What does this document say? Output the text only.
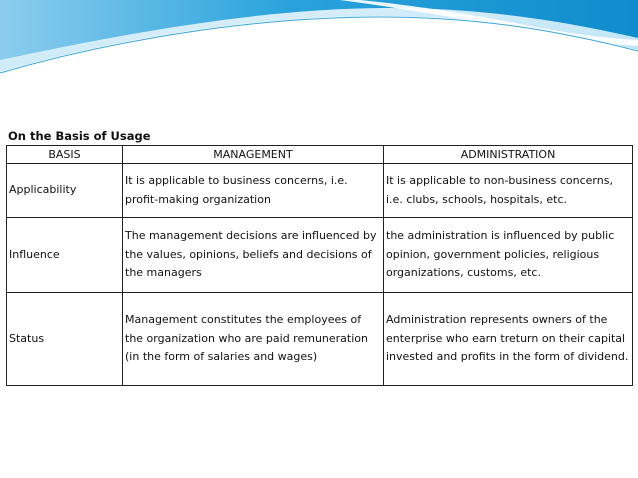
On the Basis of Usage
BASIS	MANAGEMENT	ADMINISTRATION
Applicability	It is applicable to business concerns, i.e. profit-making organization	It is applicable to non-business concerns, i.e. clubs, schools, hospitals, etc.
Influence	The management decisions are influenced by the values, opinions, beliefs and decisions of the managers	the administration is influenced by public opinion, government policies, religious organizations, customs, etc.
Status	Management constitutes the employees of the organization who are paid remuneration (in the form of salaries and wages)	Administration represents owners of the enterprise who earn treturn on their capital invested and profits in the form of dividend.
